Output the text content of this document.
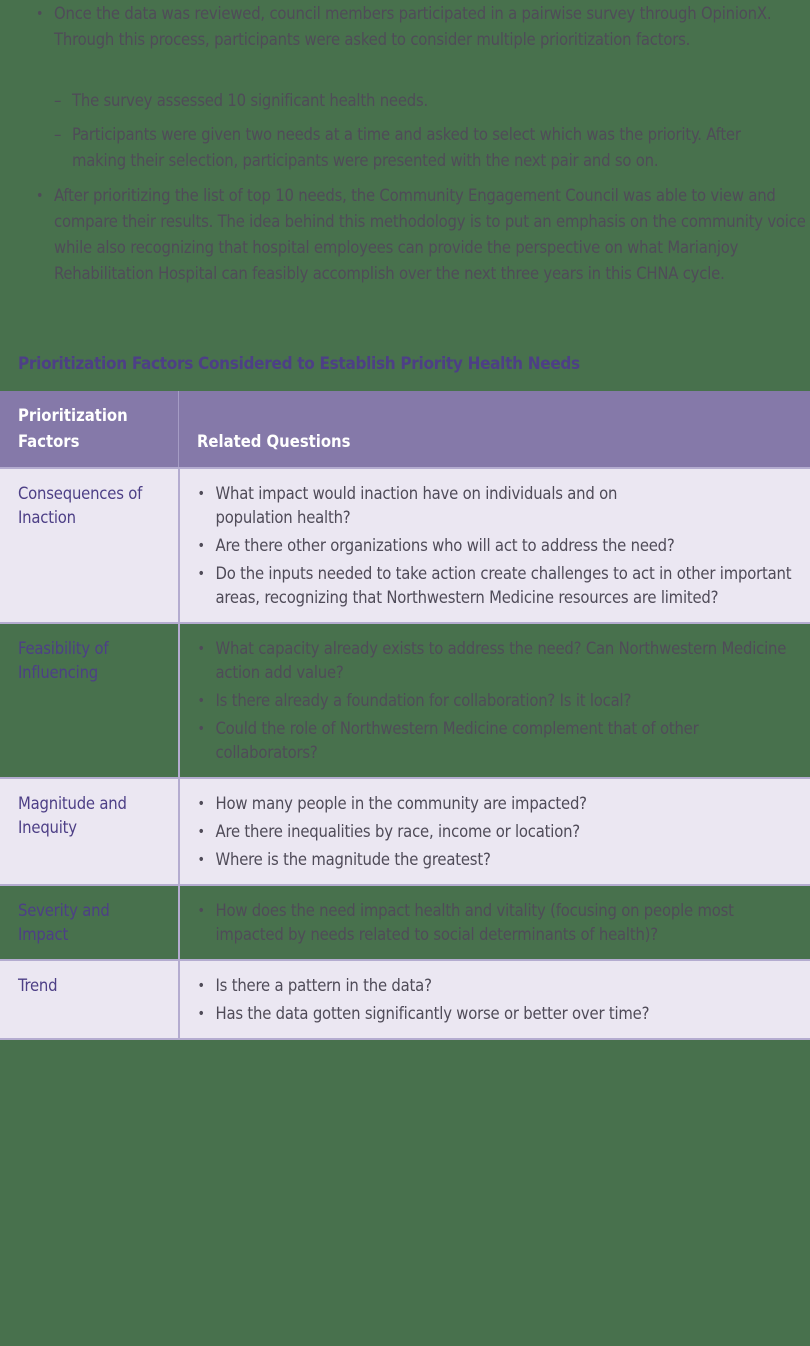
• Once the data was reviewed, council members participated in a pairwise survey through OpinionX. Through this process, participants were asked to consider multiple prioritization factors.
– The survey assessed 10 significant health needs.
– Participants were given two needs at a time and asked to select which was the priority. After making their selection, participants were presented with the next pair and so on.
• After prioritizing the list of top 10 needs, the Community Engagement Council was able to view and compare their results. The idea behind this methodology is to put an emphasis on the community voice while also recognizing that hospital employees can provide the perspective on what Marianjoy Rehabilitation Hospital can feasibly accomplish over the next three years in this CHNA cycle.
Prioritization Factors Considered to Establish Priority Health Needs
Prioritization Factors	Related Questions
Consequences of Inaction	
• What impact would inaction have on individuals and on population health?
• Are there other organizations who will act to address the need?
• Do the inputs needed to take action create challenges to act in other important areas, recognizing that Northwestern Medicine resources are limited?

Feasibility of Influencing	
• What capacity already exists to address the need? Can Northwestern Medicine action add value?
• Is there already a foundation for collaboration? Is it local?
• Could the role of Northwestern Medicine complement that of other collaborators?

Magnitude and Inequity	
• How many people in the community are impacted?
• Are there inequalities by race, income or location?
• Where is the magnitude the greatest?

Severity and Impact	
• How does the need impact health and vitality (focusing on people most impacted by needs related to social determinants of health)?

Trend	
•Is there a pattern in the data?
• Has the data gotten significantly worse or better over time?
